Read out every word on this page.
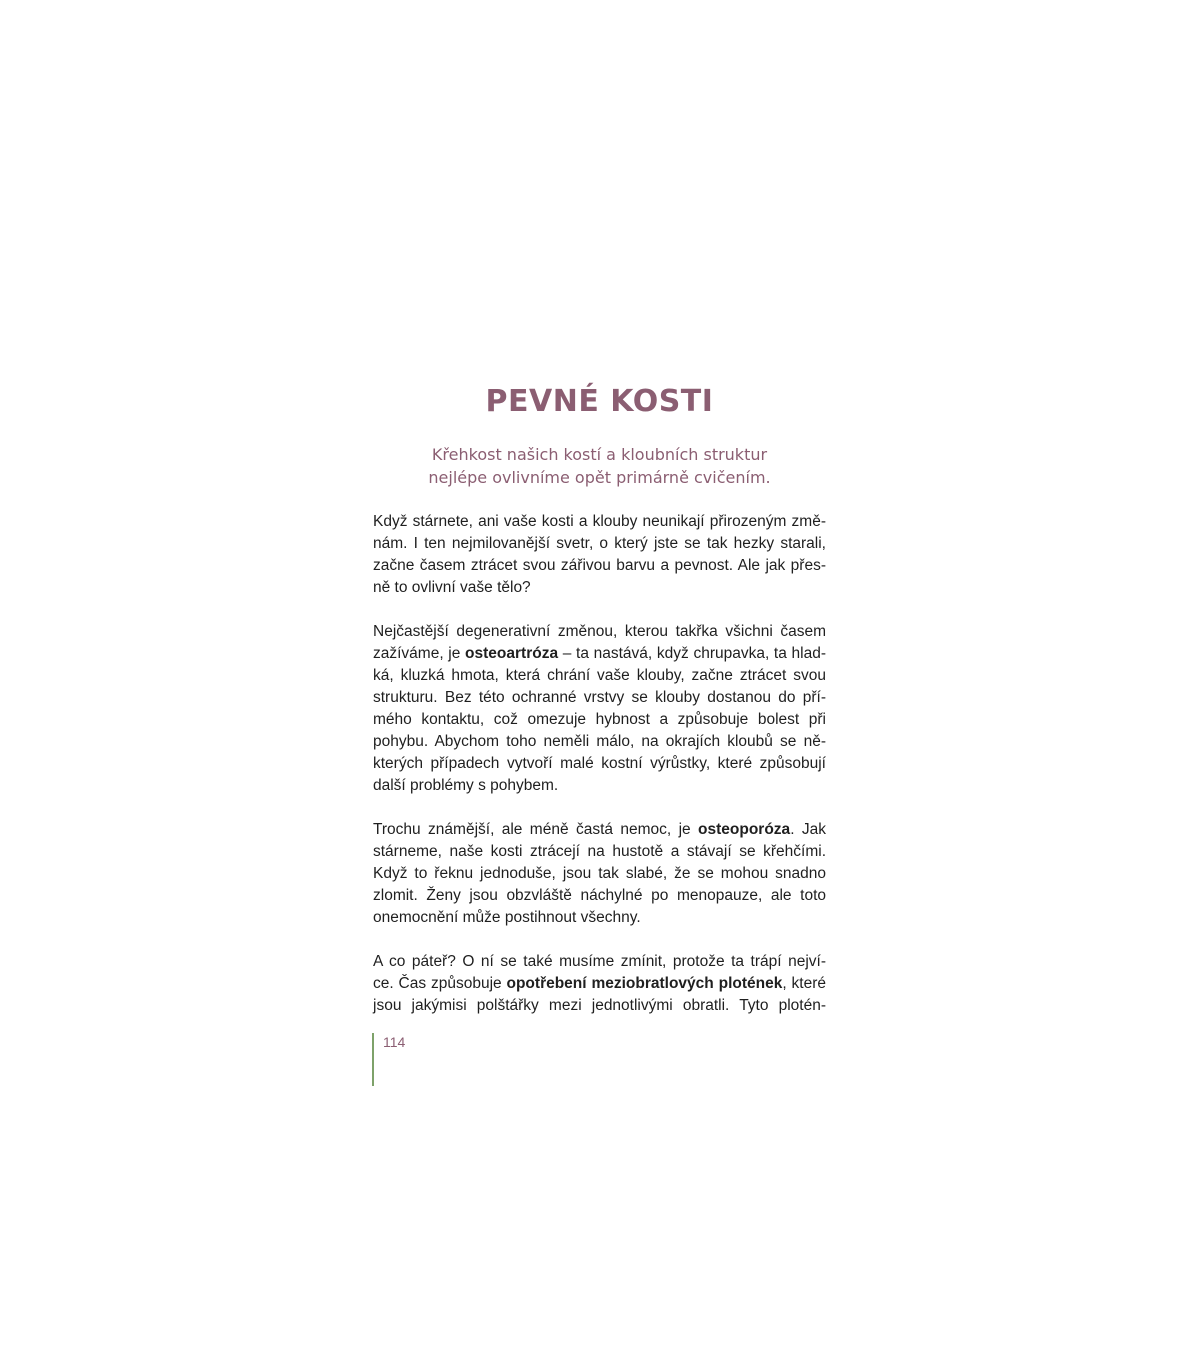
PEVNÉ KOSTI

Křehkost našich kostí a kloubních struktur
nejlépe ovlivníme opět primárně cvičením.

Když stárnete, ani vaše kosti a klouby neunikají přirozeným změ-
nám. I ten nejmilovanější svetr, o který jste se tak hezky starali,
začne časem ztrácet svou zářivou barvu a pevnost. Ale jak přes-
ně to ovlivní vaše tělo?

Nejčastější degenerativní změnou, kterou takřka všichni časem
zažíváme, je osteoartróza – ta nastává, když chrupavka, ta hlad-
ká, kluzká hmota, která chrání vaše klouby, začne ztrácet svou
strukturu. Bez této ochranné vrstvy se klouby dostanou do pří-
mého kontaktu, což omezuje hybnost a způsobuje bolest při
pohybu. Abychom toho neměli málo, na okrajích kloubů se ně-
kterých případech vytvoří malé kostní výrůstky, které způsobují
další problémy s pohybem.

Trochu známější, ale méně častá nemoc, je osteoporóza. Jak
stárneme, naše kosti ztrácejí na hustotě a stávají se křehčími.
Když to řeknu jednoduše, jsou tak slabé, že se mohou snadno
zlomit. Ženy jsou obzvláště náchylné po menopauze, ale toto
onemocnění může postihnout všechny.

A co páteř? O ní se také musíme zmínit, protože ta trápí nejví-
ce. Čas způsobuje opotřebení meziobratlových plotének, které
jsou jakýmisi polštářky mezi jednotlivými obratli. Tyto plotén-

114
